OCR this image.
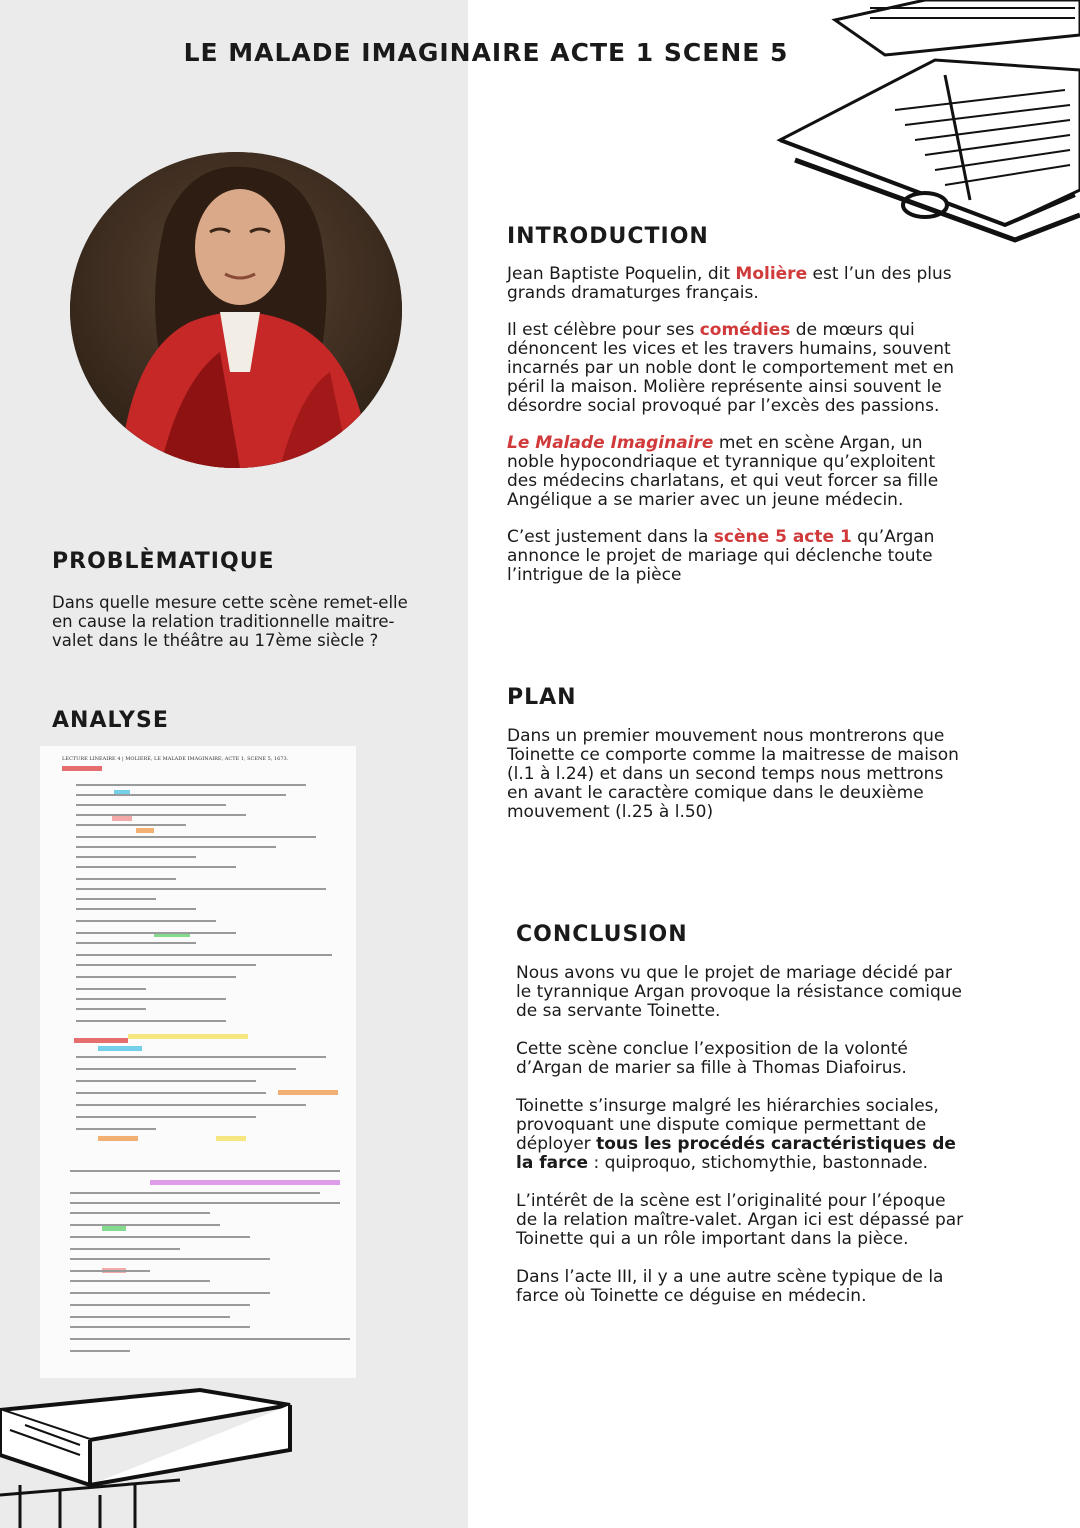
LE MALADE IMAGINAIRE ACTE 1 SCENE 5
PROBLÈMATIQUE

Dans quelle mesure cette scène remet-elle en cause la relation traditionnelle maitre-valet dans le théâtre au 17ème siècle ?

ANALYSE
LECTURE LINEAIRE 4 | MOLIERE, LE MALADE IMAGINAIRE, ACTE 1, SCENE 5, 1673.
INTRODUCTION

Jean Baptiste Poquelin, dit Molière est l’un des plus grands dramaturges français.

Il est célèbre pour ses comédies de mœurs qui dénoncent les vices et les travers humains, souvent incarnés par un noble dont le comportement met en péril la maison. Molière représente ainsi souvent le désordre social provoqué par l’excès des passions.

Le Malade Imaginaire met en scène Argan, un noble hypocondriaque et tyrannique qu’exploitent des médecins charlatans, et qui veut forcer sa fille Angélique a se marier avec un jeune médecin.

C’est justement dans la scène 5 acte 1 qu’Argan annonce le projet de mariage qui déclenche toute l’intrigue de la pièce

PLAN

Dans un premier mouvement nous montrerons que Toinette ce comporte comme la maitresse de maison (l.1 à l.24) et dans un second temps nous mettrons en avant le caractère comique dans le deuxième mouvement (l.25 à l.50)

CONCLUSION

Nous avons vu que le projet de mariage décidé par le tyrannique Argan provoque la résistance comique de sa servante Toinette.

Cette scène conclue l’exposition de la volonté d’Argan de marier sa fille à Thomas Diafoirus.

Toinette s’insurge malgré les hiérarchies sociales, provoquant une dispute comique permettant de déployer tous les procédés caractéristiques de la farce : quiproquo, stichomythie, bastonnade.

L’intérêt de la scène est l’originalité pour l’époque de la relation maître-valet. Argan ici est dépassé par Toinette qui a un rôle important dans la pièce.

Dans l’acte III, il y a une autre scène typique de la farce où Toinette ce déguise en médecin.
